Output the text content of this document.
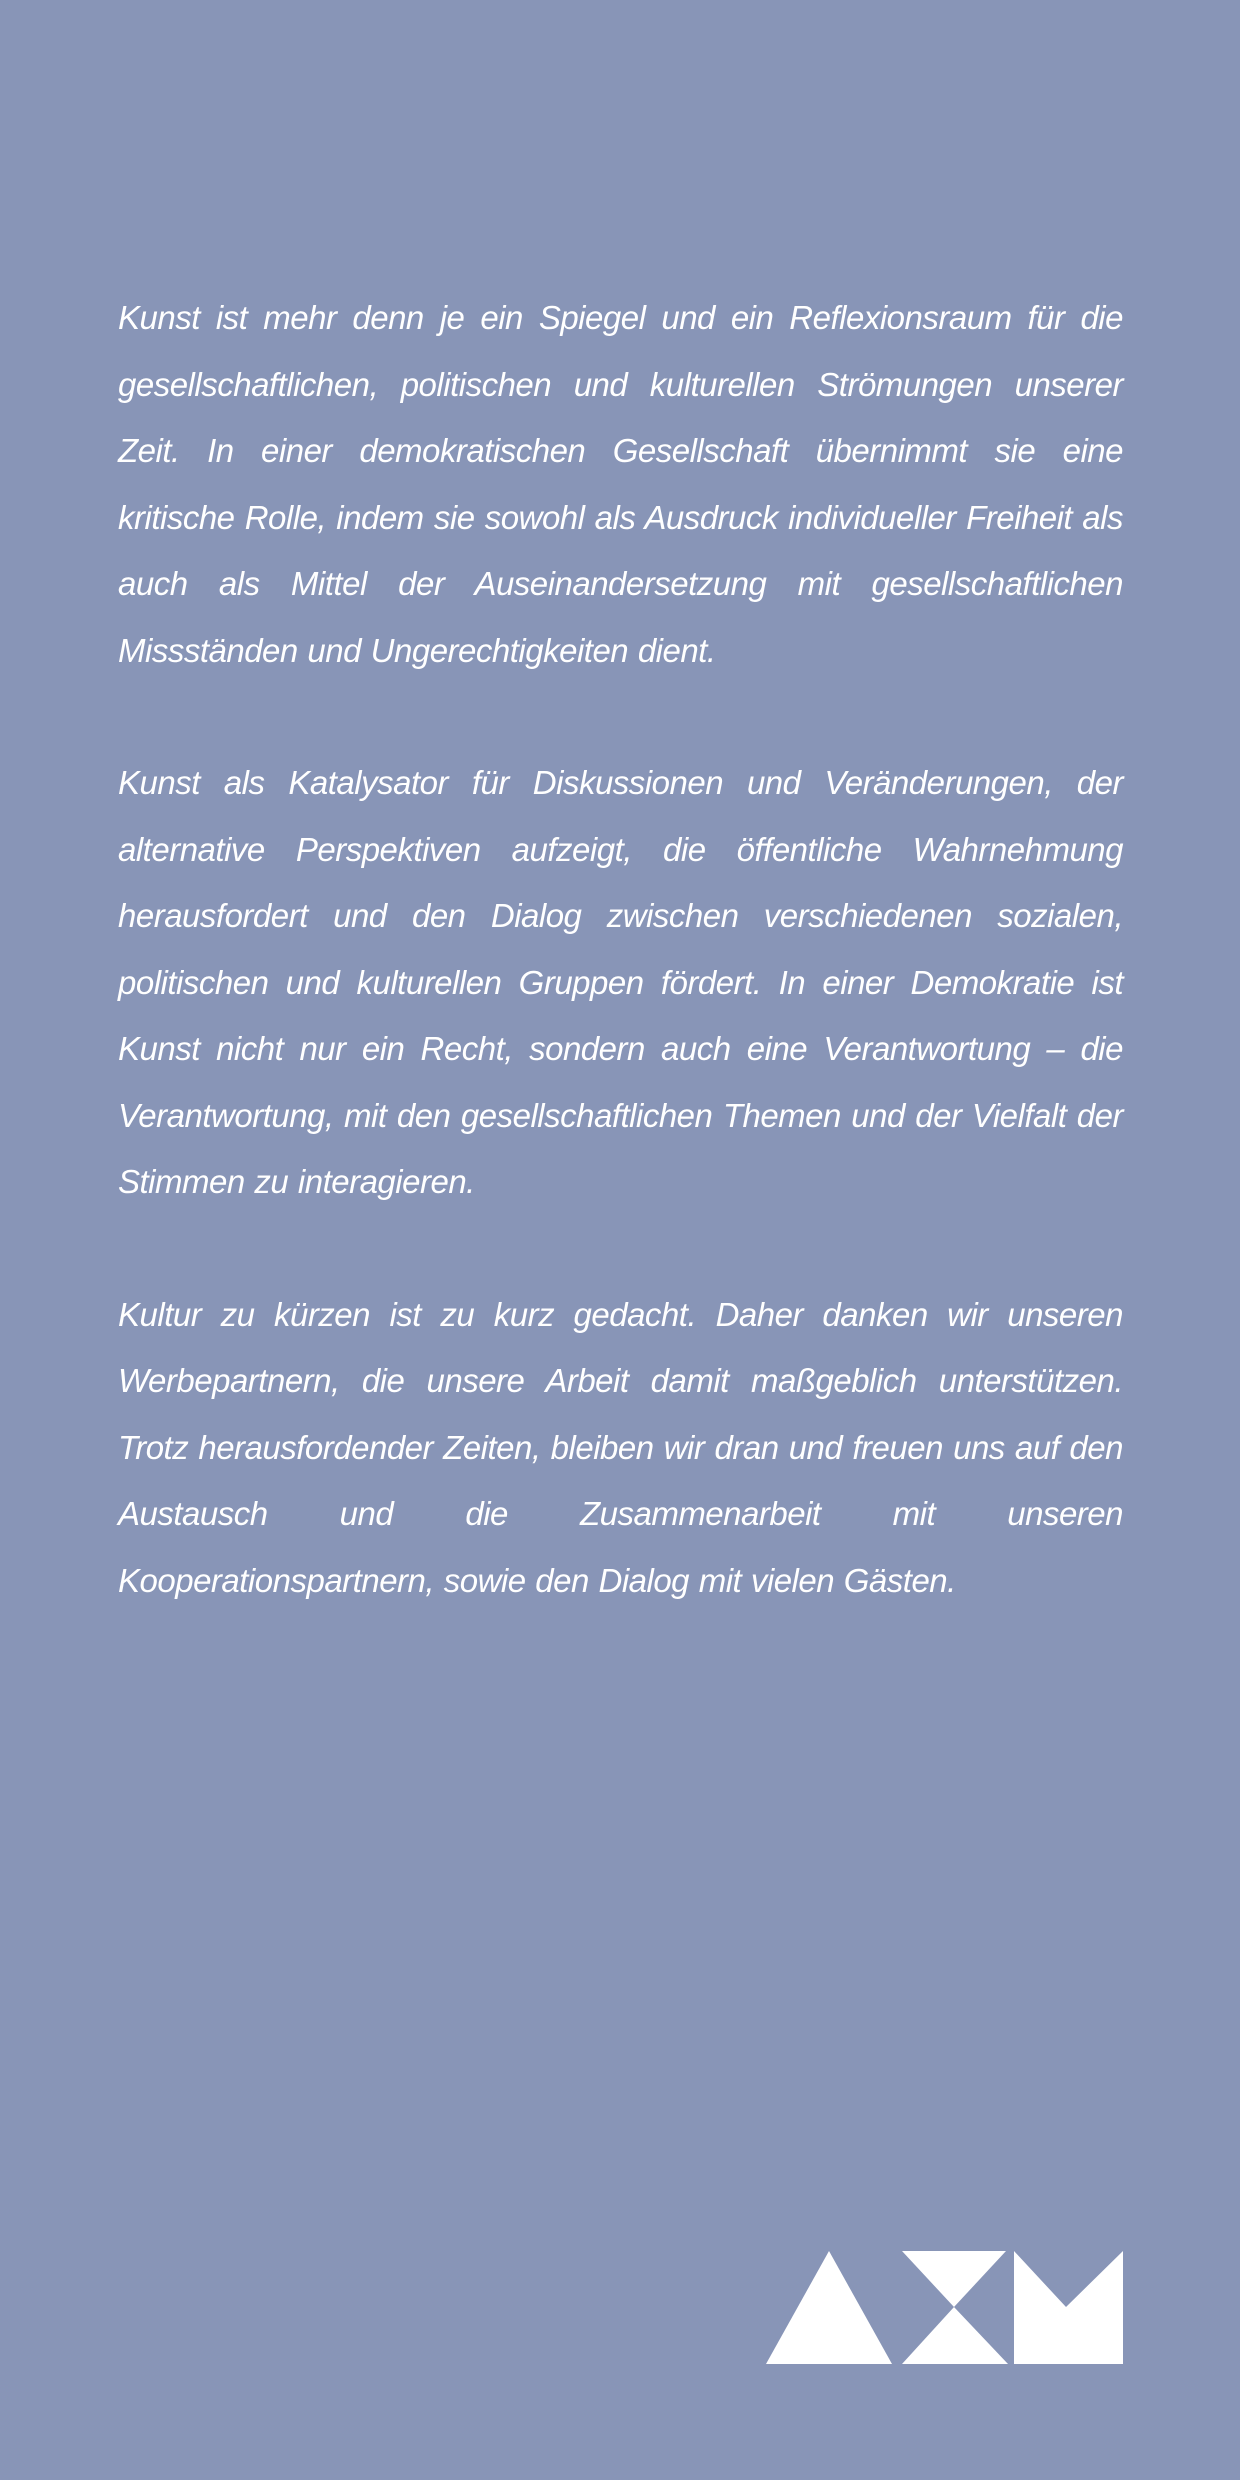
Kunst ist mehr denn je ein Spiegel und ein Reflexionsraum für die gesellschaftlichen, politischen und kulturellen Strömungen unserer Zeit. In einer demokratischen Gesellschaft übernimmt sie eine kritische Rolle, indem sie sowohl als Ausdruck individueller Freiheit als auch als Mittel der Auseinandersetzung mit gesellschaftlichen Missständen und Ungerechtigkeiten dient.

Kunst als Katalysator für Diskussionen und Veränderungen, der alternative Perspektiven aufzeigt, die öffentliche Wahrnehmung herausfordert und den Dialog zwischen verschiedenen sozialen, politischen und kulturellen Gruppen fördert. In einer Demokratie ist Kunst nicht nur ein Recht, sondern auch eine Verantwortung – die Verantwortung, mit den gesellschaftlichen Themen und der Vielfalt der Stimmen zu interagieren.

Kultur zu kürzen ist zu kurz gedacht. Daher danken wir unseren Werbepartnern, die unsere Arbeit damit maßgeblich unterstützen. Trotz herausfordender Zeiten, bleiben wir dran und freuen uns auf den Austausch und die Zusammenarbeit mit unseren Kooperationspartnern, sowie den Dialog mit vielen Gästen.
